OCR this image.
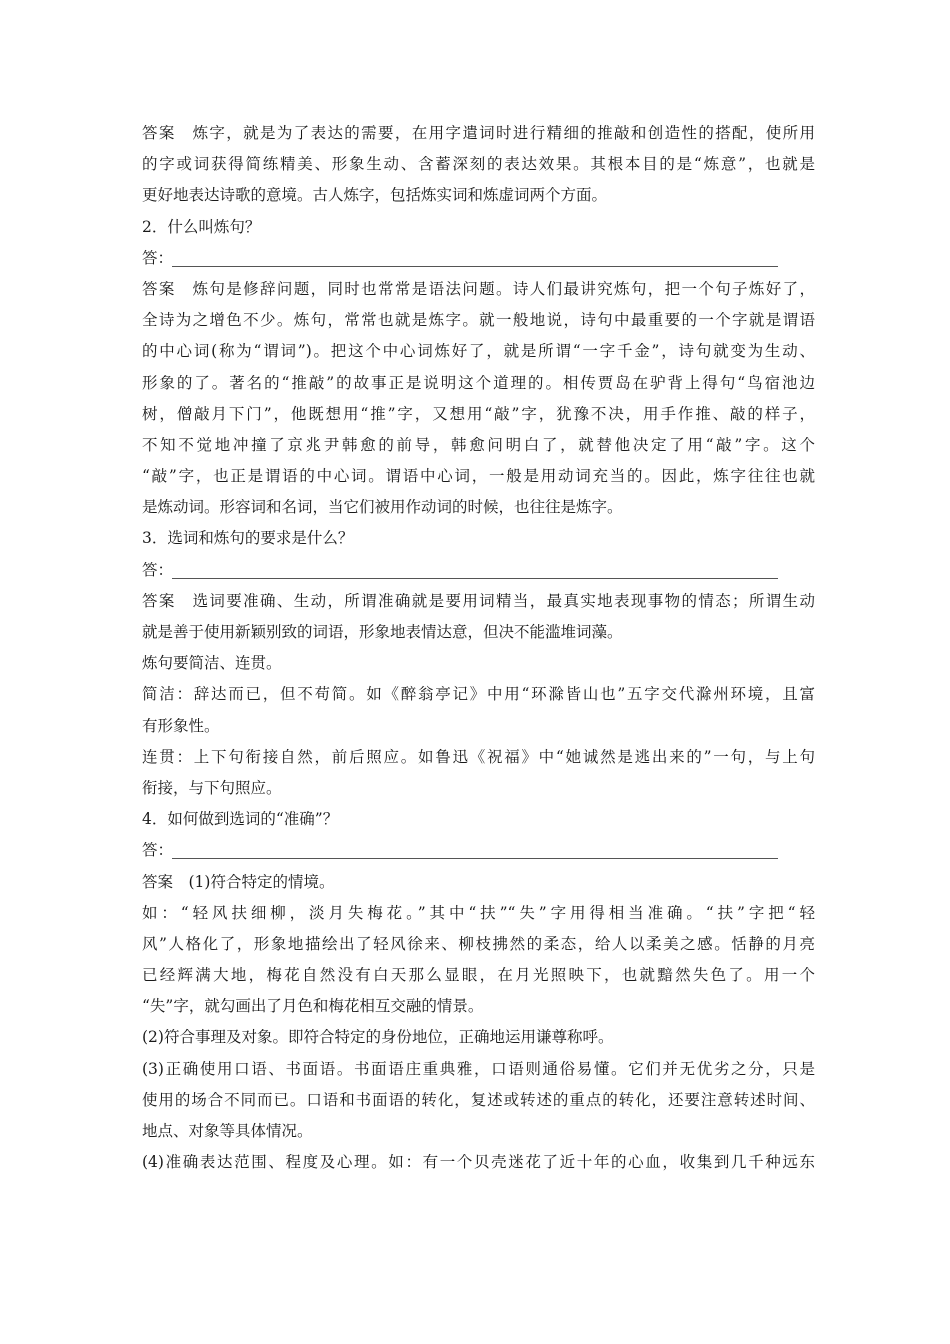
答案　炼字，就是为了表达的需要，在用字遣词时进行精细的推敲和创造性的搭配，使所用
的字或词获得简练精美、形象生动、含蓄深刻的表达效果。其根本目的是“炼意”，也就是
更好地表达诗歌的意境。古人炼字，包括炼实词和炼虚词两个方面。
2．什么叫炼句？
答：
答案　炼句是修辞问题，同时也常常是语法问题。诗人们最讲究炼句，把一个句子炼好了，
全诗为之增色不少。炼句，常常也就是炼字。就一般地说，诗句中最重要的一个字就是谓语
的中心词(称为“谓词”)。把这个中心词炼好了，就是所谓“一字千金”，诗句就变为生动、
形象的了。著名的“推敲”的故事正是说明这个道理的。相传贾岛在驴背上得句“鸟宿池边
树，僧敲月下门”，他既想用“推”字，又想用“敲”字，犹豫不决，用手作推、敲的样子，
不知不觉地冲撞了京兆尹韩愈的前导，韩愈问明白了，就替他决定了用“敲”字。这个
“敲”字，也正是谓语的中心词。谓语中心词，一般是用动词充当的。因此，炼字往往也就
是炼动词。形容词和名词，当它们被用作动词的时候，也往往是炼字。
3．选词和炼句的要求是什么？
答：
答案　选词要准确、生动，所谓准确就是要用词精当，最真实地表现事物的情态；所谓生动
就是善于使用新颖别致的词语，形象地表情达意，但决不能滥堆词藻。
炼句要简洁、连贯。
简洁：辞达而已，但不苟简。如《醉翁亭记》中用“环滁皆山也”五字交代滁州环境，且富
有形象性。
连贯：上下句衔接自然，前后照应。如鲁迅《祝福》中“她诚然是逃出来的”一句，与上句
衔接，与下句照应。
4．如何做到选词的“准确”？
答：
答案　(1)符合特定的情境。
如：“轻风扶细柳，淡月失梅花。”其中“扶”“失”字用得相当准确。“扶”字把“轻
风”人格化了，形象地描绘出了轻风徐来、柳枝拂然的柔态，给人以柔美之感。恬静的月亮
已经辉满大地，梅花自然没有白天那么显眼，在月光照映下，也就黯然失色了。用一个
“失”字，就勾画出了月色和梅花相互交融的情景。
(2)符合事理及对象。即符合特定的身份地位，正确地运用谦尊称呼。
(3)正确使用口语、书面语。书面语庄重典雅，口语则通俗易懂。它们并无优劣之分，只是
使用的场合不同而已。口语和书面语的转化，复述或转述的重点的转化，还要注意转述时间、
地点、对象等具体情况。
(4)准确表达范围、程度及心理。如：有一个贝壳迷花了近十年的心血，收集到几千种远东
